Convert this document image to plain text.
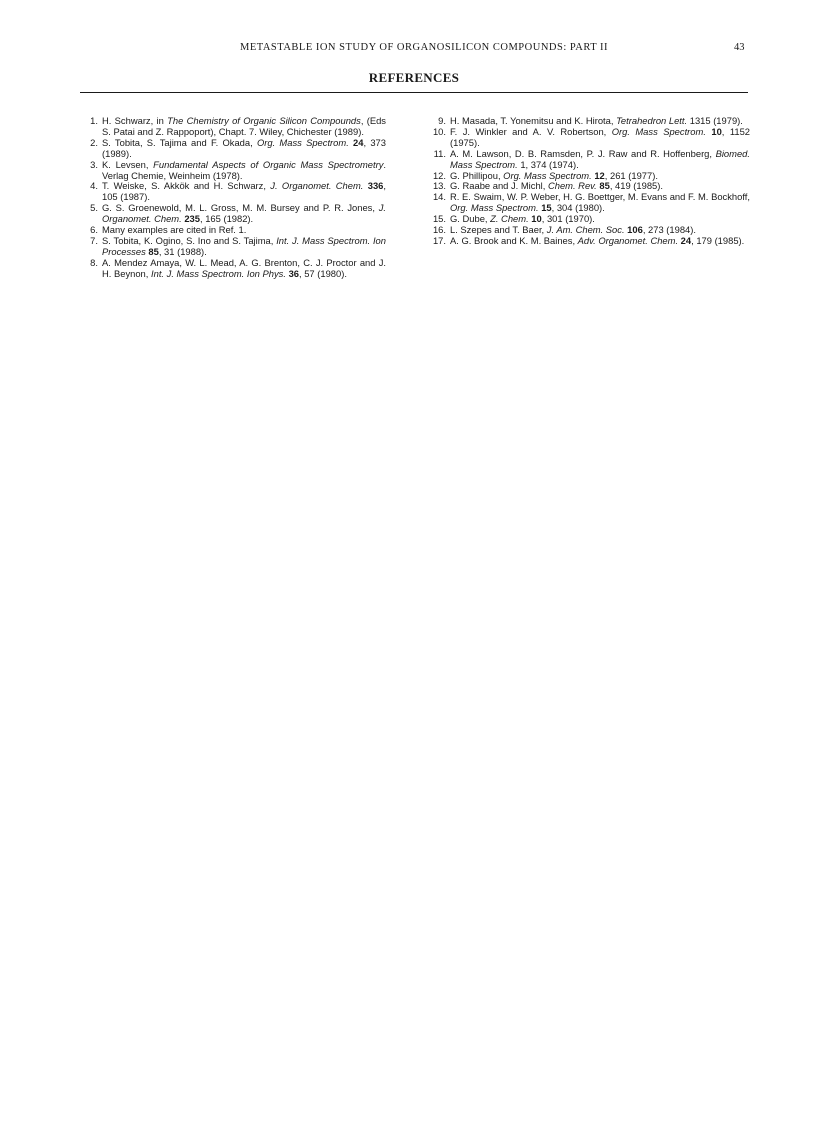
METASTABLE ION STUDY OF ORGANOSILICON COMPOUNDS: PART II	43
REFERENCES
1. H. Schwarz, in The Chemistry of Organic Silicon Compounds, (Eds S. Patai and Z. Rappoport), Chapt. 7. Wiley, Chichester (1989).
2. S. Tobita, S. Tajima and F. Okada, Org. Mass Spectrom. 24, 373 (1989).
3. K. Levsen, Fundamental Aspects of Organic Mass Spectrometry. Verlag Chemie, Weinheim (1978).
4. T. Weiske, S. Akkök and H. Schwarz, J. Organomet. Chem. 336, 105 (1987).
5. G. S. Groenewold, M. L. Gross, M. M. Bursey and P. R. Jones, J. Organomet. Chem. 235, 165 (1982).
6. Many examples are cited in Ref. 1.
7. S. Tobita, K. Ogino, S. Ino and S. Tajima, Int. J. Mass Spectrom. Ion Processes 85, 31 (1988).
8. A. Mendez Amaya, W. L. Mead, A. G. Brenton, C. J. Proctor and J. H. Beynon, Int. J. Mass Spectrom. Ion Phys. 36, 57 (1980).
9. H. Masada, T. Yonemitsu and K. Hirota, Tetrahedron Lett. 1315 (1979).
10. F. J. Winkler and A. V. Robertson, Org. Mass Spectrom. 10, 1152 (1975).
11. A. M. Lawson, D. B. Ramsden, P. J. Raw and R. Hoffenberg, Biomed. Mass Spectrom. 1, 374 (1974).
12. G. Phillipou, Org. Mass Spectrom. 12, 261 (1977).
13. G. Raabe and J. Michl, Chem. Rev. 85, 419 (1985).
14. R. E. Swaim, W. P. Weber, H. G. Boettger, M. Evans and F. M. Bockhoff, Org. Mass Spectrom. 15, 304 (1980).
15. G. Dube, Z. Chem. 10, 301 (1970).
16. L. Szepes and T. Baer, J. Am. Chem. Soc. 106, 273 (1984).
17. A. G. Brook and K. M. Baines, Adv. Organomet. Chem. 24, 179 (1985).
